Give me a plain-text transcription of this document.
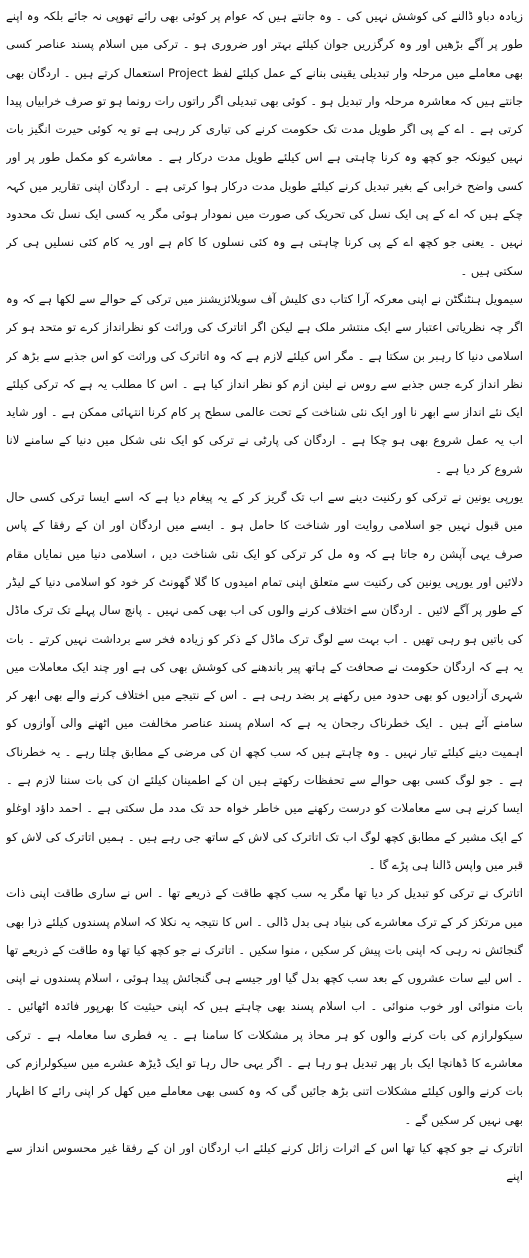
زیادہ دباو ڈالنے کی کوشش نہیں کی ۔ وہ جانتے ہیں کہ عوام پر کوئی بھی رائے تھوپی نہ جائے بلکہ وہ اپنے طور پر آگے بڑھیں اور وہ کرگزریں جوان کیلئے بہتر اور ضروری ہو ۔ ترکی میں اسلام پسند عناصر کسی بھی معاملے میں مرحلہ وار تبدیلی یقینی بنانے کے عمل کیلئے لفظ Project استعمال کرتے ہیں ۔ اردگان بھی جانتے ہیں کہ معاشرہ مرحلہ وار تبدیل ہو ۔ کوئی بھی تبدیلی اگر راتوں رات رونما ہو تو صرف خرابیاں پیدا کرتی ہے ۔ اے کے پی اگر طویل مدت تک حکومت کرنے کی تیاری کر رہی ہے تو یہ کوئی حیرت انگیز بات نہیں کیونکہ جو کچھ وہ کرنا چاہتی ہے اس کیلئے طویل مدت درکار ہے ۔ معاشرے کو مکمل طور پر اور کسی واضح خرابی کے بغیر تبدیل کرنے کیلئے طویل مدت درکار ہوا کرتی ہے ۔ اردگان اپنی تقاریر میں کہہ چکے ہیں کہ اے کے پی ایک نسل کی تحریک کی صورت میں نمودار ہوئی مگر یہ کسی ایک نسل تک محدود نہیں ۔ یعنی جو کچھ اے کے پی کرنا چاہتی ہے وہ کئی نسلوں کا کام ہے اور یہ کام کئی نسلیں ہی کر سکتی ہیں ۔

سیمویل ہنٹنگٹن نے اپنی معرکہ آرا کتاب دی کلیش آف سویلائزیشنز میں ترکی کے حوالے سے لکھا ہے کہ وہ اگر چہ نظریاتی اعتبار سے ایک منتشر ملک ہے لیکن اگر اتاترک کی وراثت کو نظرانداز کرے تو متحد ہو کر اسلامی دنیا کا رہبر بن سکتا ہے ۔ مگر اس کیلئے لازم ہے کہ وہ اتاترک کی وراثت کو اس جذبے سے بڑھ کر نظر انداز کرے جس جذبے سے روس نے لینن ازم کو نظر انداز کیا ہے ۔ اس کا مطلب یہ ہے کہ ترکی کیلئے ایک نئے انداز سے ابھر نا اور ایک نئی شناخت کے تحت عالمی سطح پر کام کرنا انتہائی ممکن ہے ۔ اور شاید اب یہ عمل شروع بھی ہو چکا ہے ۔ اردگان کی پارٹی نے ترکی کو ایک نئی شکل میں دنیا کے سامنے لانا شروع کر دیا ہے ۔

یورپی یونین نے ترکی کو رکنیت دینے سے اب تک گریز کر کے یہ پیغام دیا ہے کہ اسے ایسا ترکی کسی حال میں قبول نہیں جو اسلامی روایت اور شناخت کا حامل ہو ۔ ایسے میں اردگان اور ان کے رفقا کے پاس صرف یہی آپشن رہ جاتا ہے کہ وہ مل کر ترکی کو ایک نئی شناخت دیں ، اسلامی دنیا میں نمایاں مقام دلائیں اور یورپی یونین کی رکنیت سے متعلق اپنی تمام امیدوں کا گلا گھونٹ کر خود کو اسلامی دنیا کے لیڈر کے طور پر آگے لائیں ۔ اردگان سے اختلاف کرنے والوں کی اب بھی کمی نہیں ۔ پانچ سال پہلے تک ترک ماڈل کی باتیں ہو رہی تھیں ۔ اب بہت سے لوگ ترک ماڈل کے ذکر کو زیادہ فخر سے برداشت نہیں کرتے ۔ بات یہ ہے کہ اردگان حکومت نے صحافت کے ہاتھ پیر باندھنے کی کوشش بھی کی ہے اور چند ایک معاملات میں شہری آزادیوں کو بھی حدود میں رکھنے پر بضد رہی ہے ۔ اس کے نتیجے میں اختلاف کرنے والے بھی ابھر کر سامنے آئے ہیں ۔ ایک خطرناک رجحان یہ ہے کہ اسلام پسند عناصر مخالفت میں اٹھنے والی آوازوں کو اہمیت دینے کیلئے تیار نہیں ۔ وہ چاہتے ہیں کہ سب کچھ ان کی مرضی کے مطابق چلتا رہے ۔ یہ خطرناک ہے ۔ جو لوگ کسی بھی حوالے سے تحفظات رکھتے ہیں ان کے اطمینان کیلئے ان کی بات سننا لازم ہے ۔ ایسا کرنے ہی سے معاملات کو درست رکھنے میں خاطر خواہ حد تک مدد مل سکتی ہے ۔ احمد داؤد اوغلو کے ایک مشیر کے مطابق کچھ لوگ اب تک اتاترک کی لاش کے ساتھ جی رہے ہیں ۔ ہمیں اتاترک کی لاش کو قبر میں واپس ڈالنا ہی پڑے گا ۔

اتاترک نے ترکی کو تبدیل کر دیا تھا مگر یہ سب کچھ طاقت کے ذریعے تھا ۔ اس نے ساری طاقت اپنی ذات میں مرتکز کر کے ترک معاشرے کی بنیاد ہی بدل ڈالی ۔ اس کا نتیجہ یہ نکلا کہ اسلام پسندوں کیلئے ذرا بھی گنجائش نہ رہی کہ اپنی بات پیش کر سکیں ، منوا سکیں ۔ اتاترک نے جو کچھ کیا تھا وہ طاقت کے ذریعے تھا ۔ اس لیے سات عشروں کے بعد سب کچھ بدل گیا اور جیسے ہی گنجائش پیدا ہوئی ، اسلام پسندوں نے اپنی بات منوائی اور خوب منوائی ۔ اب اسلام پسند بھی چاہتے ہیں کہ اپنی حیثیت کا بھرپور فائدہ اٹھائیں ۔ سیکولرازم کی بات کرنے والوں کو ہر محاذ پر مشکلات کا سامنا ہے ۔ یہ فطری سا معاملہ ہے ۔ ترکی معاشرے کا ڈھانچا ایک بار پھر تبدیل ہو رہا ہے ۔ اگر یہی حال رہا تو ایک ڈیڑھ عشرے میں سیکولرازم کی بات کرنے والوں کیلئے مشکلات اتنی بڑھ جائیں گی کہ وہ کسی بھی معاملے میں کھل کر اپنی رائے کا اظہار بھی نہیں کر سکیں گے ۔

اتاترک نے جو کچھ کیا تھا اس کے اثرات زائل کرنے کیلئے اب اردگان اور ان کے رفقا غیر محسوس انداز سے اپنے
